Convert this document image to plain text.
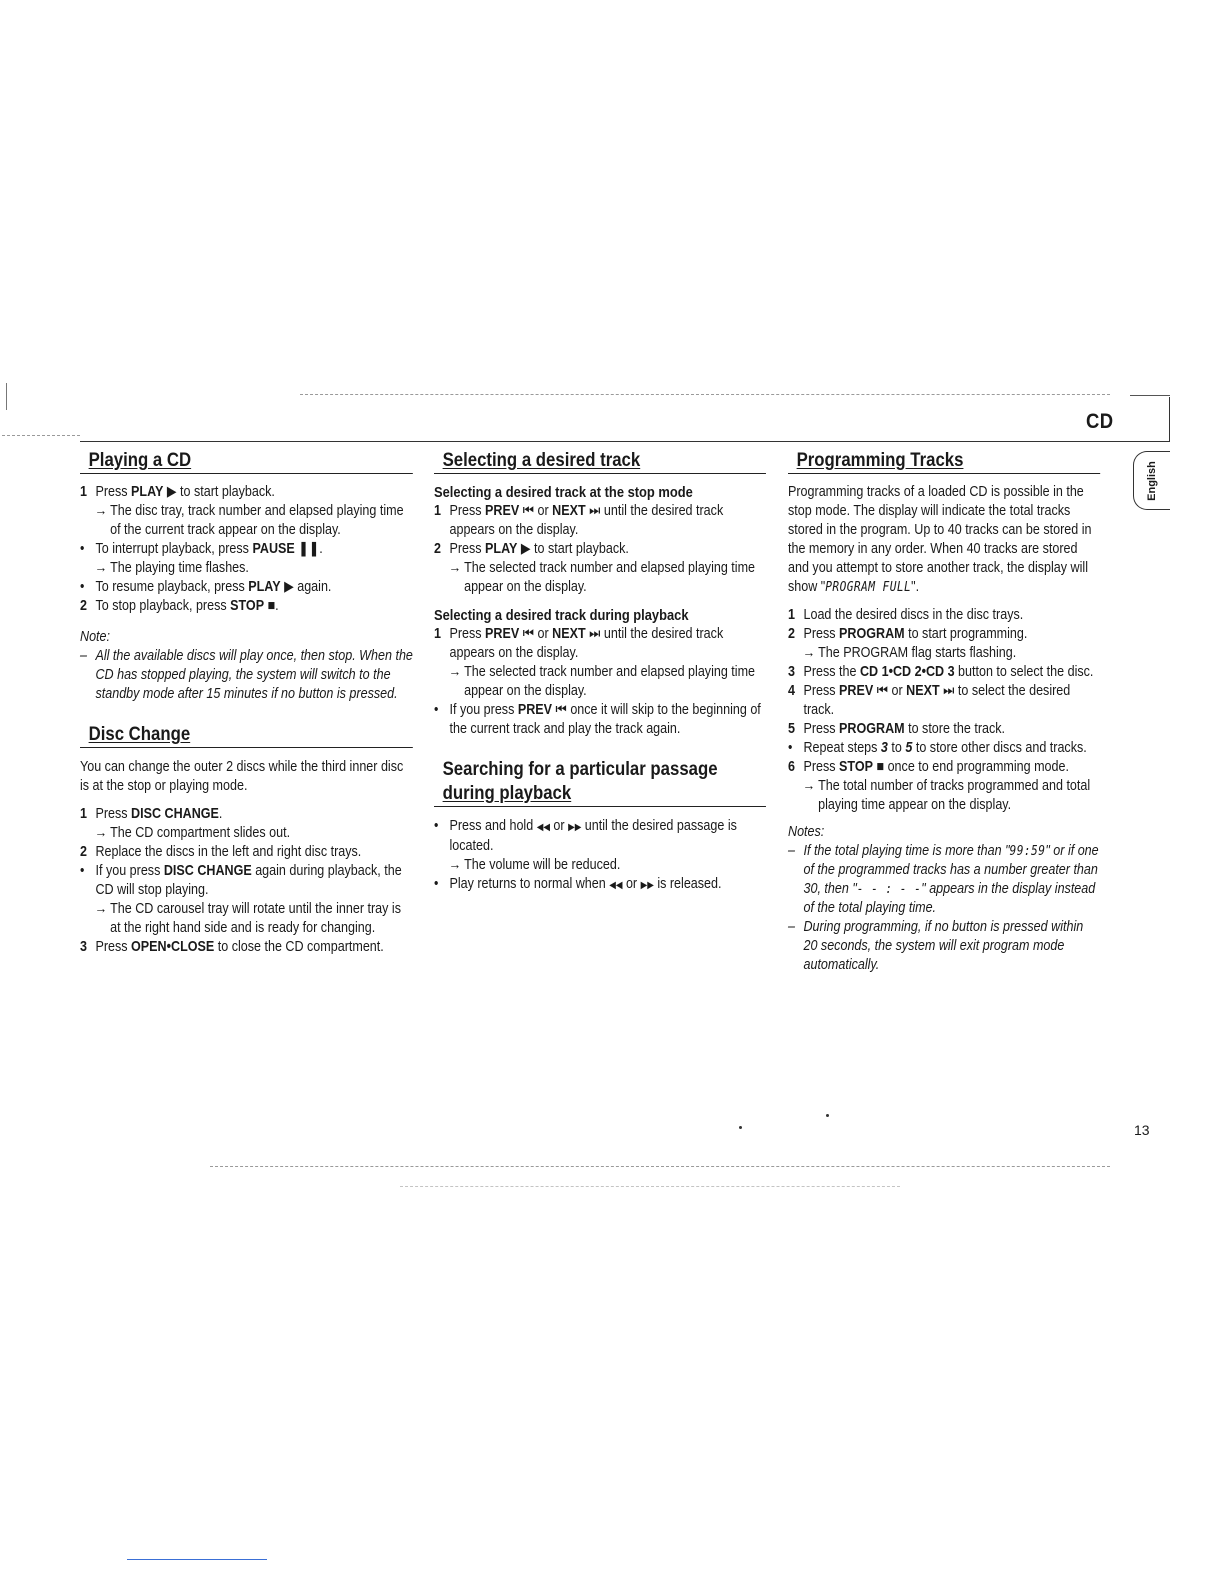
CD
English
Playing a CD
1 Press PLAY ▶ to start playback.
→ The disc tray, track number and elapsed playing time of the current track appear on the display.
• To interrupt playback, press PAUSE ❚❚.
→ The playing time flashes.
• To resume playback, press PLAY ▶ again.
2 To stop playback, press STOP ■.
Note:
– All the available discs will play once, then stop. When the CD has stopped playing, the system will switch to the standby mode after 15 minutes if no button is pressed.
Disc Change

You can change the outer 2 discs while the third inner disc is at the stop or playing mode.

1 Press DISC CHANGE.
→ The CD compartment slides out.
2 Replace the discs in the left and right disc trays.
• If you press DISC CHANGE again during playback, the CD will stop playing.
→ The CD carousel tray will rotate until the inner tray is at the right hand side and is ready for changing.
3 Press OPEN•CLOSE to close the CD compartment.
Selecting a desired track
Selecting a desired track at the stop mode
1 Press PREV ⏮ or NEXT ⏭ until the desired track appears on the display.
2 Press PLAY ▶ to start playback.
→ The selected track number and elapsed playing time appear on the display.
Selecting a desired track during playback
1 Press PREV ⏮ or NEXT ⏭ until the desired track appears on the display.
→ The selected track number and elapsed playing time appear on the display.
• If you press PREV ⏮ once it will skip to the beginning of the current track and play the track again.
Searching for a particular passage
during playback
• Press and hold ◀◀ or ▶▶ until the desired passage is located.
→ The volume will be reduced.
• Play returns to normal when ◀◀ or ▶▶ is released.
Programming Tracks

Programming tracks of a loaded CD is possible in the stop mode. The display will indicate the total tracks stored in the program. Up to 40 tracks can be stored in the memory in any order. When 40 tracks are stored and you attempt to store another track, the display will show "PROGRAM FULL".

1 Load the desired discs in the disc trays.
2 Press PROGRAM to start programming.
→ The PROGRAM flag starts flashing.
3 Press the CD 1•CD 2•CD 3 button to select the disc.
4 Press PREV ⏮ or NEXT ⏭ to select the desired track.
5 Press PROGRAM to store the track.
• Repeat steps 3 to 5 to store other discs and tracks.
6 Press STOP ■ once to end programming mode.
→ The total number of tracks programmed and total playing time appear on the display.
Notes:
– If the total playing time is more than "99:59" or if one of the programmed tracks has a number greater than 30, then "- - : - -" appears in the display instead of the total playing time.
– During programming, if no button is pressed within 20 seconds, the system will exit program mode automatically.
13
